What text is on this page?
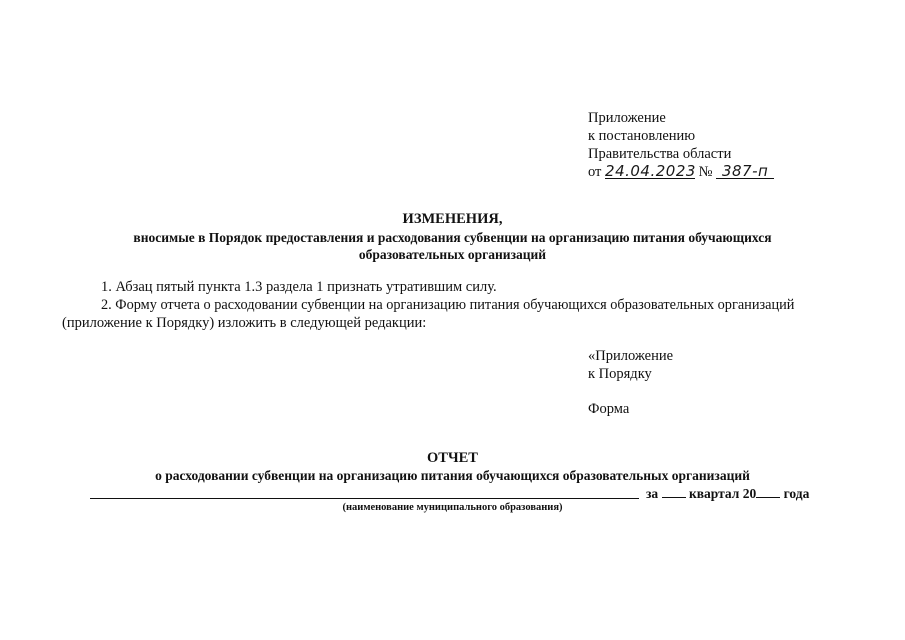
Приложение
к постановлению
Правительства области
от 24.04.2023 № 387-п
ИЗМЕНЕНИЯ,
вносимые в Порядок предоставления и расходования субвенции на организацию питания обучающихся
образовательных организаций
1. Абзац пятый пункта 1.3 раздела 1 признать утратившим силу.
2. Форму отчета о расходовании субвенции на организацию питания обучающихся образовательных организаций
(приложение к Порядку) изложить в следующей редакции:
«Приложение
к Порядку
Форма
ОТЧЕТ
о расходовании субвенции на организацию питания обучающихся образовательных организаций
за квартал 20 года
(наименование муниципального образования)
